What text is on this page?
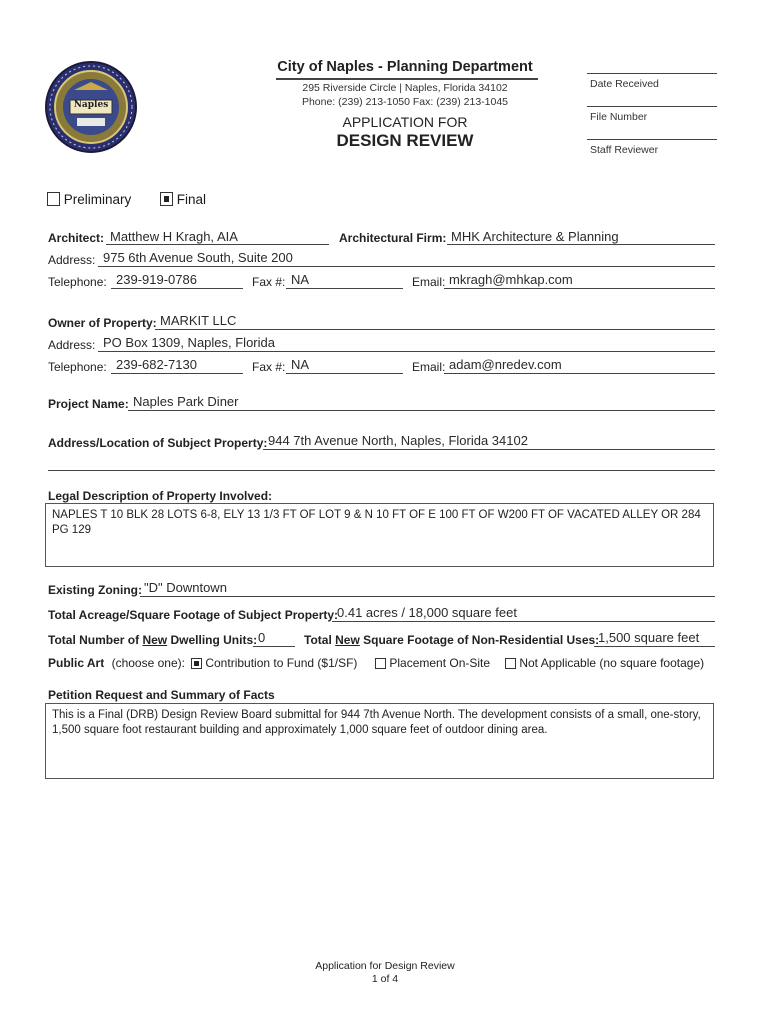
Naples
City of Naples - Planning Department
295 Riverside Circle | Naples, Florida 34102
Phone: (239) 213-1050 Fax: (239) 213-1045
APPLICATION FOR
DESIGN REVIEW
Date Received
File Number
Staff Reviewer
Preliminary	Final
Architect: Matthew H Kragh, AIA	Architectural Firm: MHK Architecture & Planning
Address: 975 6th Avenue South, Suite 200
Telephone: 239-919-0786	Fax #: NA	Email: mkragh@mhkap.com
Owner of Property: MARKIT LLC
Address: PO Box 1309, Naples, Florida
Telephone: 239-682-7130	Fax #: NA	Email: adam@nredev.com
Project Name: Naples Park Diner
Address/Location of Subject Property: 944 7th Avenue North, Naples, Florida 34102
Legal Description of Property Involved:
NAPLES T 10 BLK 28 LOTS 6-8, ELY 13 1/3 FT OF LOT 9 & N 10 FT OF E 100 FT OF W200 FT OF VACATED ALLEY OR 284 PG 129
Existing Zoning: "D" Downtown
Total Acreage/Square Footage of Subject Property:
0.41 acres / 18,000 square feet
Total Number of New Dwelling Units: 0	Total New Square Footage of Non-Residential Uses:
1,500 square feet
Public Art (choose one):	Contribution to Fund ($1/SF)	Placement On-Site	Not Applicable (no square footage)
Petition Request and Summary of Facts
This is a Final (DRB) Design Review Board submittal for 944 7th Avenue North. The development consists of a small, one-story, 1,500 square foot restaurant building and approximately 1,000 square feet of outdoor dining area.
Application for Design Review
1 of 4
